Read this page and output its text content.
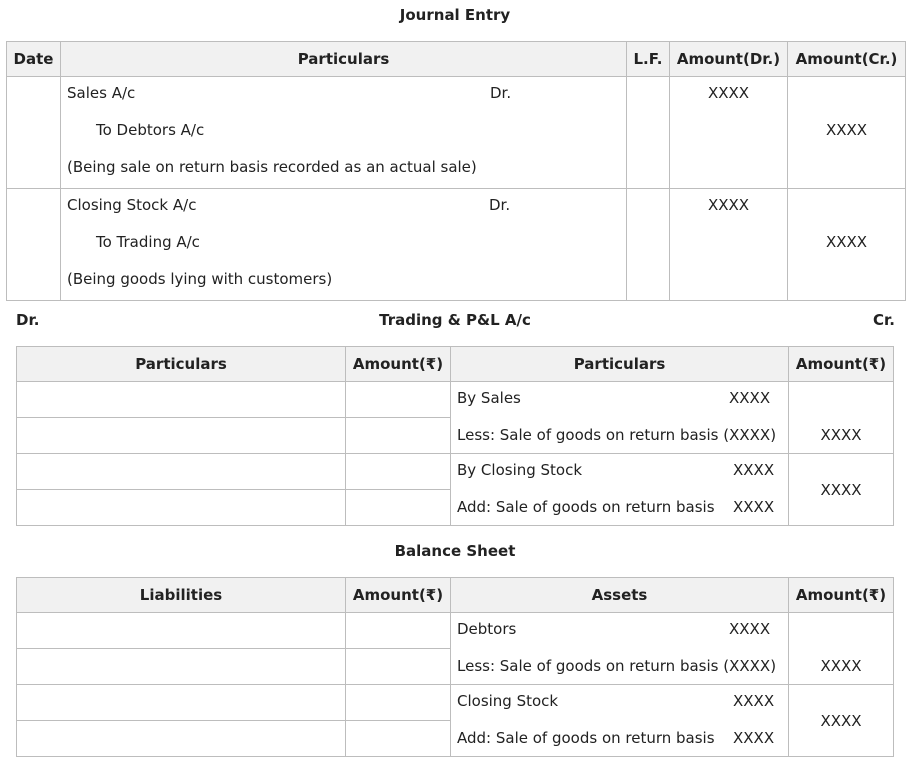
Journal Entry
Date	Particulars	L.F.	Amount(Dr.)	Amount(Cr.)

	Sales A/c Dr.
To Debtors A/c
(Being sale on return basis recorded as an actual sale)		XXXX	XXXX

	Closing Stock A/c Dr.
To Trading A/c
(Being goods lying with customers)		XXXX	XXXX
Dr.	Trading & P&L A/c	Cr.
Particulars	Amount(₹)	Particulars	Amount(₹)

		By Sales XXXX
Less: Sale of goods on return basis (XXXX)	XXXX

		By Closing Stock XXXX
Add: Sale of goods on return basis XXXX	XXXX

Balance Sheet
Liabilities	Amount(₹)	Assets	Amount(₹)

		Debtors XXXX
Less: Sale of goods on return basis (XXXX)	XXXX

		Closing Stock XXXX
Add: Sale of goods on return basis XXXX	XXXX
